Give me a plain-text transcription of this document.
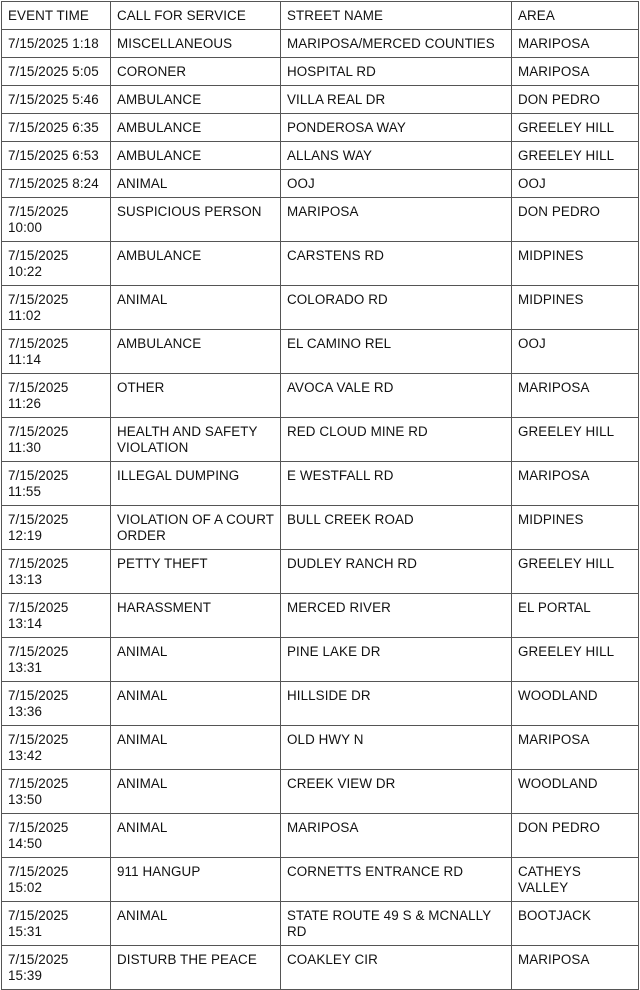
EVENT TIME	CALL FOR SERVICE	STREET NAME	AREA
7/15/2025 1:18	MISCELLANEOUS	MARIPOSA/MERCED COUNTIES	MARIPOSA
7/15/2025 5:05	CORONER	HOSPITAL RD	MARIPOSA
7/15/2025 5:46	AMBULANCE	VILLA REAL DR	DON PEDRO
7/15/2025 6:35	AMBULANCE	PONDEROSA WAY	GREELEY HILL
7/15/2025 6:53	AMBULANCE	ALLANS WAY	GREELEY HILL
7/15/2025 8:24	ANIMAL	OOJ	OOJ
7/15/2025 10:00	SUSPICIOUS PERSON	MARIPOSA	DON PEDRO
7/15/2025 10:22	AMBULANCE	CARSTENS RD	MIDPINES
7/15/2025 11:02	ANIMAL	COLORADO RD	MIDPINES
7/15/2025 11:14	AMBULANCE	EL CAMINO REL	OOJ
7/15/2025 11:26	OTHER	AVOCA VALE RD	MARIPOSA
7/15/2025 11:30	HEALTH AND SAFETY VIOLATION	RED CLOUD MINE RD	GREELEY HILL
7/15/2025 11:55	ILLEGAL DUMPING	E WESTFALL RD	MARIPOSA
7/15/2025 12:19	VIOLATION OF A COURT ORDER	BULL CREEK ROAD	MIDPINES
7/15/2025 13:13	PETTY THEFT	DUDLEY RANCH RD	GREELEY HILL
7/15/2025 13:14	HARASSMENT	MERCED RIVER	EL PORTAL
7/15/2025 13:31	ANIMAL	PINE LAKE DR	GREELEY HILL
7/15/2025 13:36	ANIMAL	HILLSIDE DR	WOODLAND
7/15/2025 13:42	ANIMAL	OLD HWY N	MARIPOSA
7/15/2025 13:50	ANIMAL	CREEK VIEW DR	WOODLAND
7/15/2025 14:50	ANIMAL	MARIPOSA	DON PEDRO
7/15/2025 15:02	911 HANGUP	CORNETTS ENTRANCE RD	CATHEYS VALLEY
7/15/2025 15:31	ANIMAL	STATE ROUTE 49 S & MCNALLY RD	BOOTJACK
7/15/2025 15:39	DISTURB THE PEACE	COAKLEY CIR	MARIPOSA
